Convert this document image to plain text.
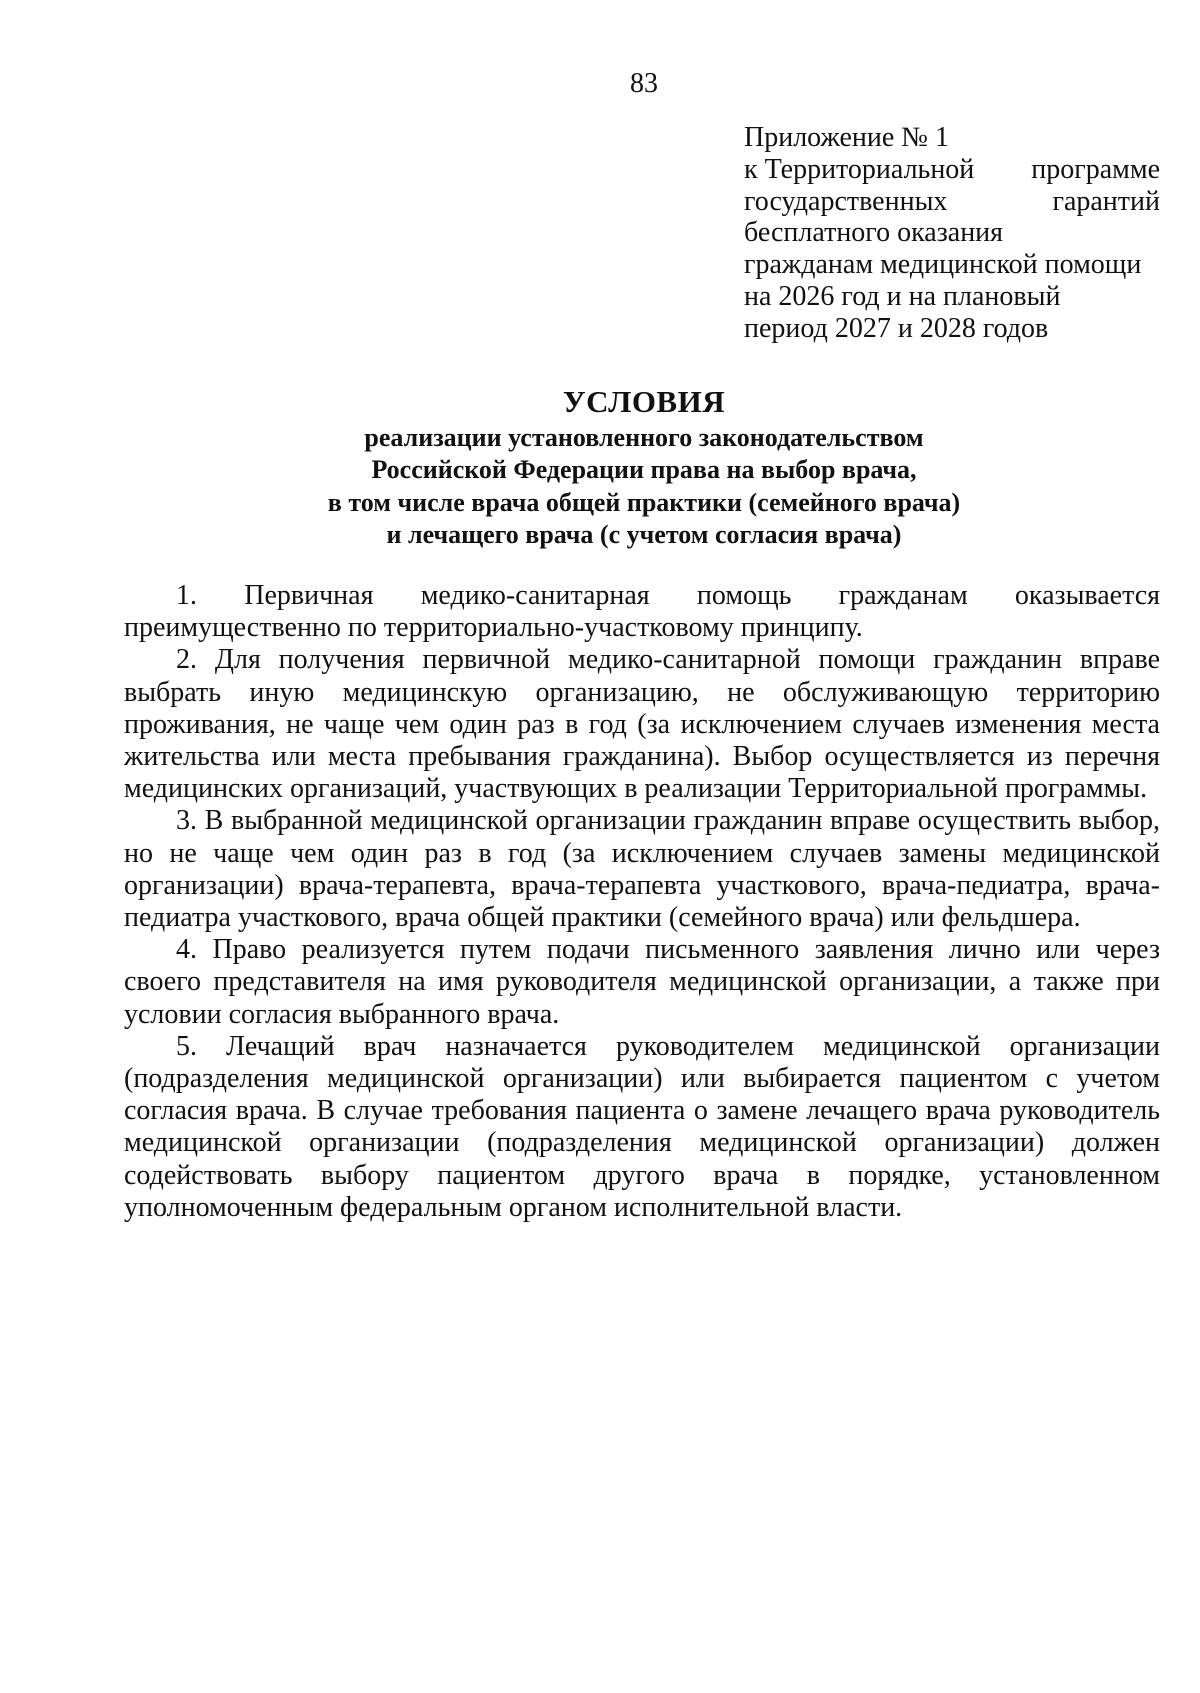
83
Приложение № 1
к Территориальной программе
государственных	гарантий
бесплатного оказания
гражданам медицинской помощи
на 2026 год и на плановый
период 2027 и 2028 годов
УСЛОВИЯ
реализации установленного законодательством
Российской Федерации права на выбор врача,
в том числе врача общей практики (семейного врача)
и лечащего врача (с учетом согласия врача)

1. Первичная медико-санитарная помощь гражданам оказывается преимущественно по территориально-участковому принципу.

2. Для получения первичной медико-санитарной помощи гражданин вправе выбрать иную медицинскую организацию, не обслуживающую территорию проживания, не чаще чем один раз в год (за исключением случаев изменения места жительства или места пребывания гражданина). Выбор осуществляется из перечня медицинских организаций, участвующих в реализации Территориальной программы.

3. В выбранной медицинской организации гражданин вправе осуществить выбор, но не чаще чем один раз в год (за исключением случаев замены медицинской организации) врача-терапевта, врача-терапевта участкового, врача-педиатра, врача-педиатра участкового, врача общей практики (семейного врача) или фельдшера.

4. Право реализуется путем подачи письменного заявления лично или через своего представителя на имя руководителя медицинской организации, а также при условии согласия выбранного врача.

5. Лечащий врач назначается руководителем медицинской организации (подразделения медицинской организации) или выбирается пациентом с учетом согласия врача. В случае требования пациента о замене лечащего врача руководитель медицинской организации (подразделения медицинской организации) должен содействовать выбору пациентом другого врача в порядке, установленном уполномоченным федеральным органом исполнительной власти.
